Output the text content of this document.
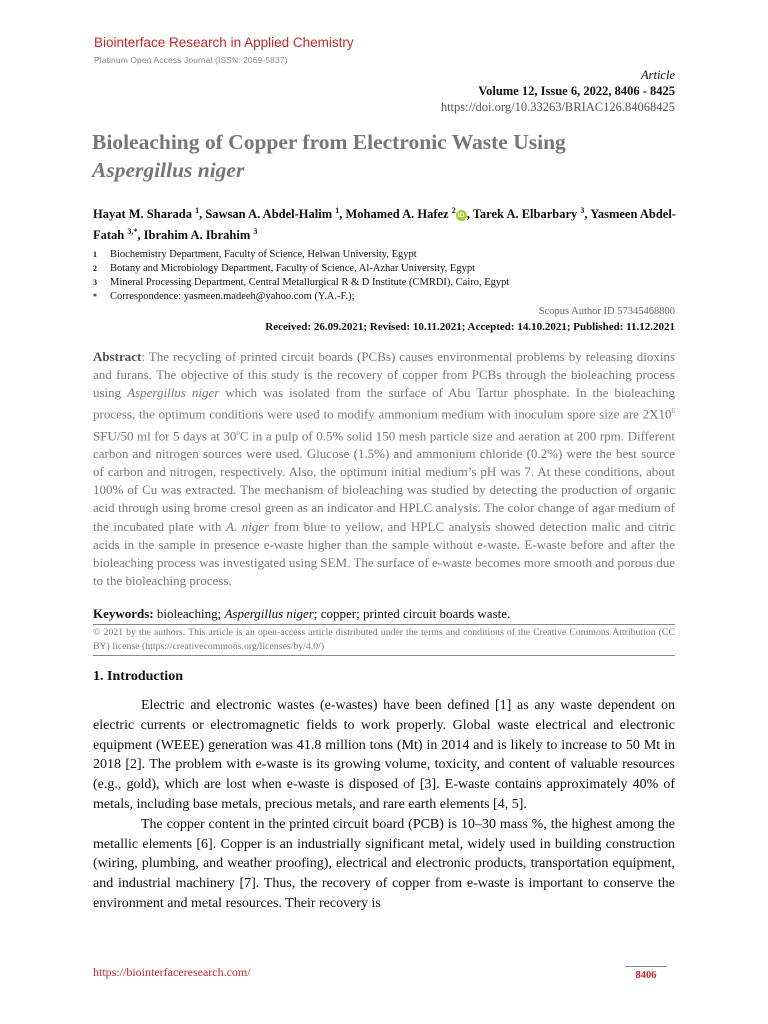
Biointerface Research in Applied Chemistry
Platinum Open Access Journal (ISSN: 2069-5837)
Article
Volume 12, Issue 6, 2022, 8406 - 8425
https://doi.org/10.33263/BRIAC126.84068425
Bioleaching of Copper from Electronic Waste Using
Aspergillus niger
Hayat M. Sharada $^1$, Sawsan A. Abdel-Halim $^1$, Mohamed A. Hafez $^2$iD , Tarek A. Elbarbary $^3$, Yasmeen Abdel-Fatah $^{3,*}$, Ibrahim A. Ibrahim $^3$
1	Biochemistry Department, Faculty of Science, Helwan University, Egypt
2	Botany and Microbiology Department, Faculty of Science, Al-Azhar University, Egypt
3	Mineral Processing Department, Central Metallurgical R & D Institute (CMRDI), Cairo, Egypt
*	Correspondence: yasmeen.madeeh@yahoo.com (Y.A.-F.);
Scopus Author ID 57345468800
Received: 26.09.2021; Revised: 10.11.2021; Accepted: 14.10.2021; Published: 11.12.2021
Abstract: The recycling of printed circuit boards (PCBs) causes environmental problems by releasing dioxins and furans. The objective of this study is the recovery of copper from PCBs through the bioleaching process using Aspergillus niger which was isolated from the surface of Abu Tartur phosphate. In the bioleaching process, the optimum conditions were used to modify ammonium medium with inoculum spore size are $2X10^6$ SFU/50 ml for 5 days at 30$^o$C in a pulp of 0.5% solid 150 mesh particle size and aeration at 200 rpm. Different carbon and nitrogen sources were used. Glucose (1.5%) and ammonium chloride (0.2%) were the best source of carbon and nitrogen, respectively. Also, the optimum initial medium’s pH was 7. At these conditions, about 100% of Cu was extracted. The mechanism of bioleaching was studied by detecting the production of organic acid through using brome cresol green as an indicator and HPLC analysis. The color change of agar medium of the incubated plate with A. niger from blue to yellow, and HPLC analysis showed detection malic and citric acids in the sample in presence e-waste higher than the sample without e-waste. E-waste before and after the bioleaching process was investigated using SEM. The surface of e-waste becomes more smooth and porous due to the bioleaching process.
Keywords: bioleaching; Aspergillus niger; copper; printed circuit boards waste.
© 2021 by the authors. This article is an open-access article distributed under the terms and conditions of the Creative Commons Attribution (CC BY) license (https://creativecommons.org/licenses/by/4.0/)
1. Introduction

Electric and electronic wastes (e-wastes) have been defined [1] as any waste dependent on electric currents or electromagnetic fields to work properly. Global waste electrical and electronic equipment (WEEE) generation was 41.8 million tons (Mt) in 2014 and is likely to increase to 50 Mt in 2018 [2]. The problem with e-waste is its growing volume, toxicity, and content of valuable resources (e.g., gold), which are lost when e-waste is disposed of [3]. E-waste contains approximately 40% of metals, including base metals, precious metals, and rare earth elements [4, 5].

The copper content in the printed circuit board (PCB) is 10–30 mass %, the highest among the metallic elements [6]. Copper is an industrially significant metal, widely used in building construction (wiring, plumbing, and weather proofing), electrical and electronic products, transportation equipment, and industrial machinery [7]. Thus, the recovery of copper from e-waste is important to conserve the environment and metal resources. Their recovery is

https://biointerfaceresearch.com/	8406
